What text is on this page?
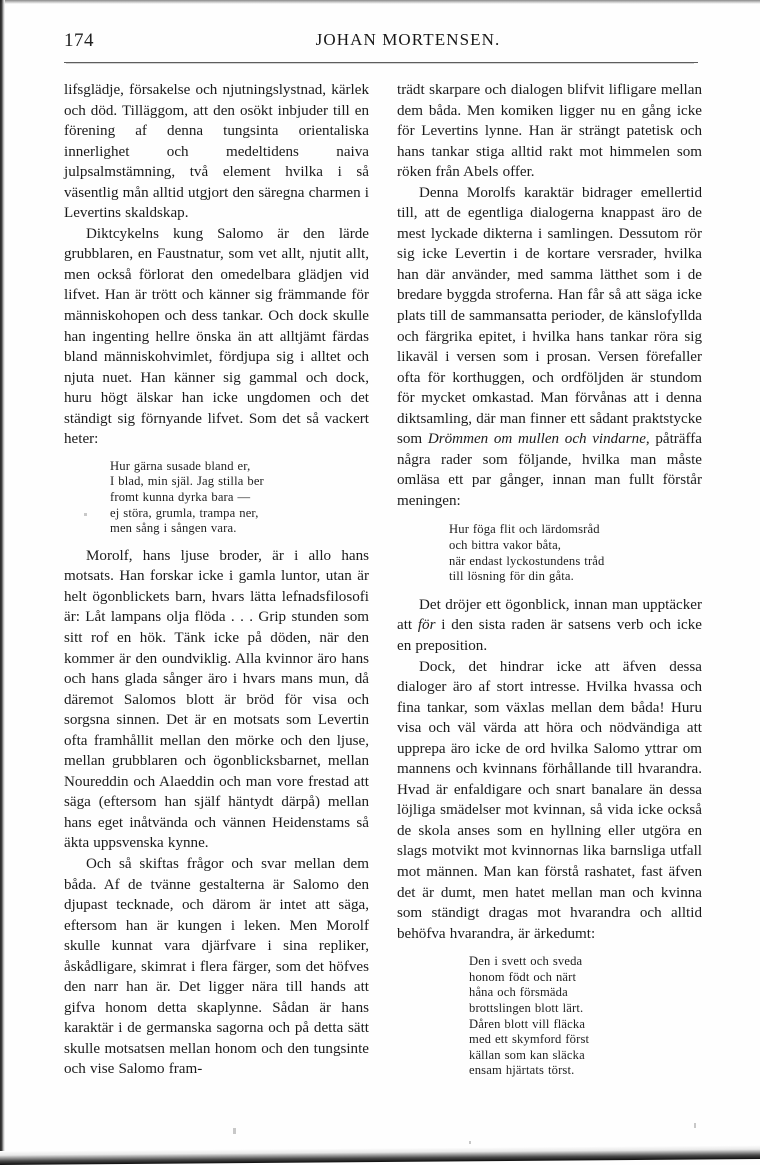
174	JOHAN MORTENSEN.

lifsglädje, försakelse och njutningslystnad, kärlek och död. Tilläggom, att den osökt inbjuder till en förening af denna tungsinta orientaliska innerlighet och medeltidens naiva julpsalmstämning, två element hvilka i så väsentlig mån alltid utgjort den säregna charmen i Levertins skaldskap.

Diktcykelns kung Salomo är den lärde grubblaren, en Faustnatur, som vet allt, njutit allt, men också förlorat den omedelbara glädjen vid lifvet. Han är trött och känner sig främmande för människohopen och dess tankar. Och dock skulle han ingenting hellre önska än att alltjämt färdas bland människohvimlet, fördjupa sig i alltet och njuta nuet. Han känner sig gammal och dock, huru högt älskar han icke ungdomen och det ständigt sig förnyande lifvet. Som det så vackert heter:

Hur gärna susade bland er,
I blad, min själ. Jag stilla ber
fromt kunna dyrka bara —
ej störa, grumla, trampa ner,
men sång i sången vara.

Morolf, hans ljuse broder, är i allo hans motsats. Han forskar icke i gamla luntor, utan är helt ögonblickets barn, hvars lätta lefnadsfilosofi är: Låt lampans olja flöda . . . Grip stunden som sitt rof en hök. Tänk icke på döden, när den kommer är den oundviklig. Alla kvinnor äro hans och hans glada sånger äro i hvars mans mun, då däremot Salomos blott är bröd för visa och sorgsna sinnen. Det är en motsats som Levertin ofta framhållit mellan den mörke och den ljuse, mellan grubblaren och ögonblicksbarnet, mellan Noureddin och Alaeddin och man vore frestad att säga (eftersom han själf häntydt därpå) mellan hans eget inåtvända och vännen Heidenstams så äkta uppsvenska kynne.

Och så skiftas frågor och svar mellan dem båda. Af de tvänne gestalterna är Salomo den djupast tecknade, och därom är intet att säga, eftersom han är kungen i leken. Men Morolf skulle kunnat vara djärfvare i sina repliker, åskådligare, skimrat i flera färger, som det höfves den narr han är. Det ligger nära till hands att gifva honom detta skaplynne. Sådan är hans karaktär i de germanska sagorna och på detta sätt skulle motsatsen mellan honom och den tungsinte och vise Salomo fram-

trädt skarpare och dialogen blifvit lifligare mellan dem båda. Men komiken ligger nu en gång icke för Levertins lynne. Han är strängt patetisk och hans tankar stiga alltid rakt mot himmelen som röken från Abels offer.

Denna Morolfs karaktär bidrager emellertid till, att de egentliga dialogerna knappast äro de mest lyckade dikterna i samlingen. Dessutom rör sig icke Levertin i de kortare versrader, hvilka han där använder, med samma lätthet som i de bredare byggda stroferna. Han får så att säga icke plats till de sammansatta perioder, de känslofyllda och färgrika epitet, i hvilka hans tankar röra sig likaväl i versen som i prosan. Versen förefaller ofta för korthuggen, och ordföljden är stundom för mycket omkastad. Man förvånas att i denna diktsamling, där man finner ett sådant praktstycke som Drömmen om mullen och vindarne, påträffa några rader som följande, hvilka man måste omläsa ett par gånger, innan man fullt förstår meningen:

Hur föga flit och lärdomsråd
och bittra vakor båta,
när endast lyckostundens tråd
till lösning för din gåta.

Det dröjer ett ögonblick, innan man upptäcker att för i den sista raden är satsens verb och icke en preposition.

Dock, det hindrar icke att äfven dessa dialoger äro af stort intresse. Hvilka hvassa och fina tankar, som växlas mellan dem båda! Huru visa och väl värda att höra och nödvändiga att upprepa äro icke de ord hvilka Salomo yttrar om mannens och kvinnans förhållande till hvarandra. Hvad är enfaldigare och snart banalare än dessa löjliga smädelser mot kvinnan, så vida icke också de skola anses som en hyllning eller utgöra en slags motvikt mot kvinnornas lika barnsliga utfall mot männen. Man kan förstå rashatet, fast äfven det är dumt, men hatet mellan man och kvinna som ständigt dragas mot hvarandra och alltid behöfva hvarandra, är ärkedumt:

Den i svett och sveda
honom födt och närt
håna och försmäda
brottslingen blott lärt.
Dåren blott vill fläcka
med ett skymford först
källan som kan släcka
ensam hjärtats törst.
